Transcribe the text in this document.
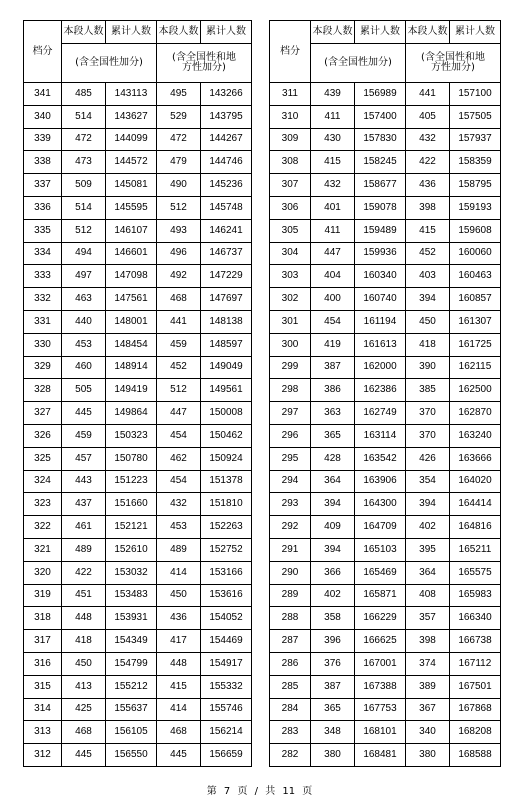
档分	本段人数	累计人数	本段人数	累计人数
	(含全国性加分)		(含全国性和地方性加分)	
341	485	143113	495	143266
340	514	143627	529	143795
339	472	144099	472	144267
338	473	144572	479	144746
337	509	145081	490	145236
336	514	145595	512	145748
335	512	146107	493	146241
334	494	146601	496	146737
333	497	147098	492	147229
332	463	147561	468	147697
331	440	148001	441	148138
330	453	148454	459	148597
329	460	148914	452	149049
328	505	149419	512	149561
327	445	149864	447	150008
326	459	150323	454	150462
325	457	150780	462	150924
324	443	151223	454	151378
323	437	151660	432	151810
322	461	152121	453	152263
321	489	152610	489	152752
320	422	153032	414	153166
319	451	153483	450	153616
318	448	153931	436	154052
317	418	154349	417	154469
316	450	154799	448	154917
315	413	155212	415	155332
314	425	155637	414	155746
313	468	156105	468	156214
312	445	156550	445	156659
档分	本段人数	累计人数	本段人数	累计人数
	(含全国性加分)		(含全国性和地方性加分)	
311	439	156989	441	157100
310	411	157400	405	157505
309	430	157830	432	157937
308	415	158245	422	158359
307	432	158677	436	158795
306	401	159078	398	159193
305	411	159489	415	159608
304	447	159936	452	160060
303	404	160340	403	160463
302	400	160740	394	160857
301	454	161194	450	161307
300	419	161613	418	161725
299	387	162000	390	162115
298	386	162386	385	162500
297	363	162749	370	162870
296	365	163114	370	163240
295	428	163542	426	163666
294	364	163906	354	164020
293	394	164300	394	164414
292	409	164709	402	164816
291	394	165103	395	165211
290	366	165469	364	165575
289	402	165871	408	165983
288	358	166229	357	166340
287	396	166625	398	166738
286	376	167001	374	167112
285	387	167388	389	167501
284	365	167753	367	167868
283	348	168101	340	168208
282	380	168481	380	168588
第 7 页 / 共 11 页
